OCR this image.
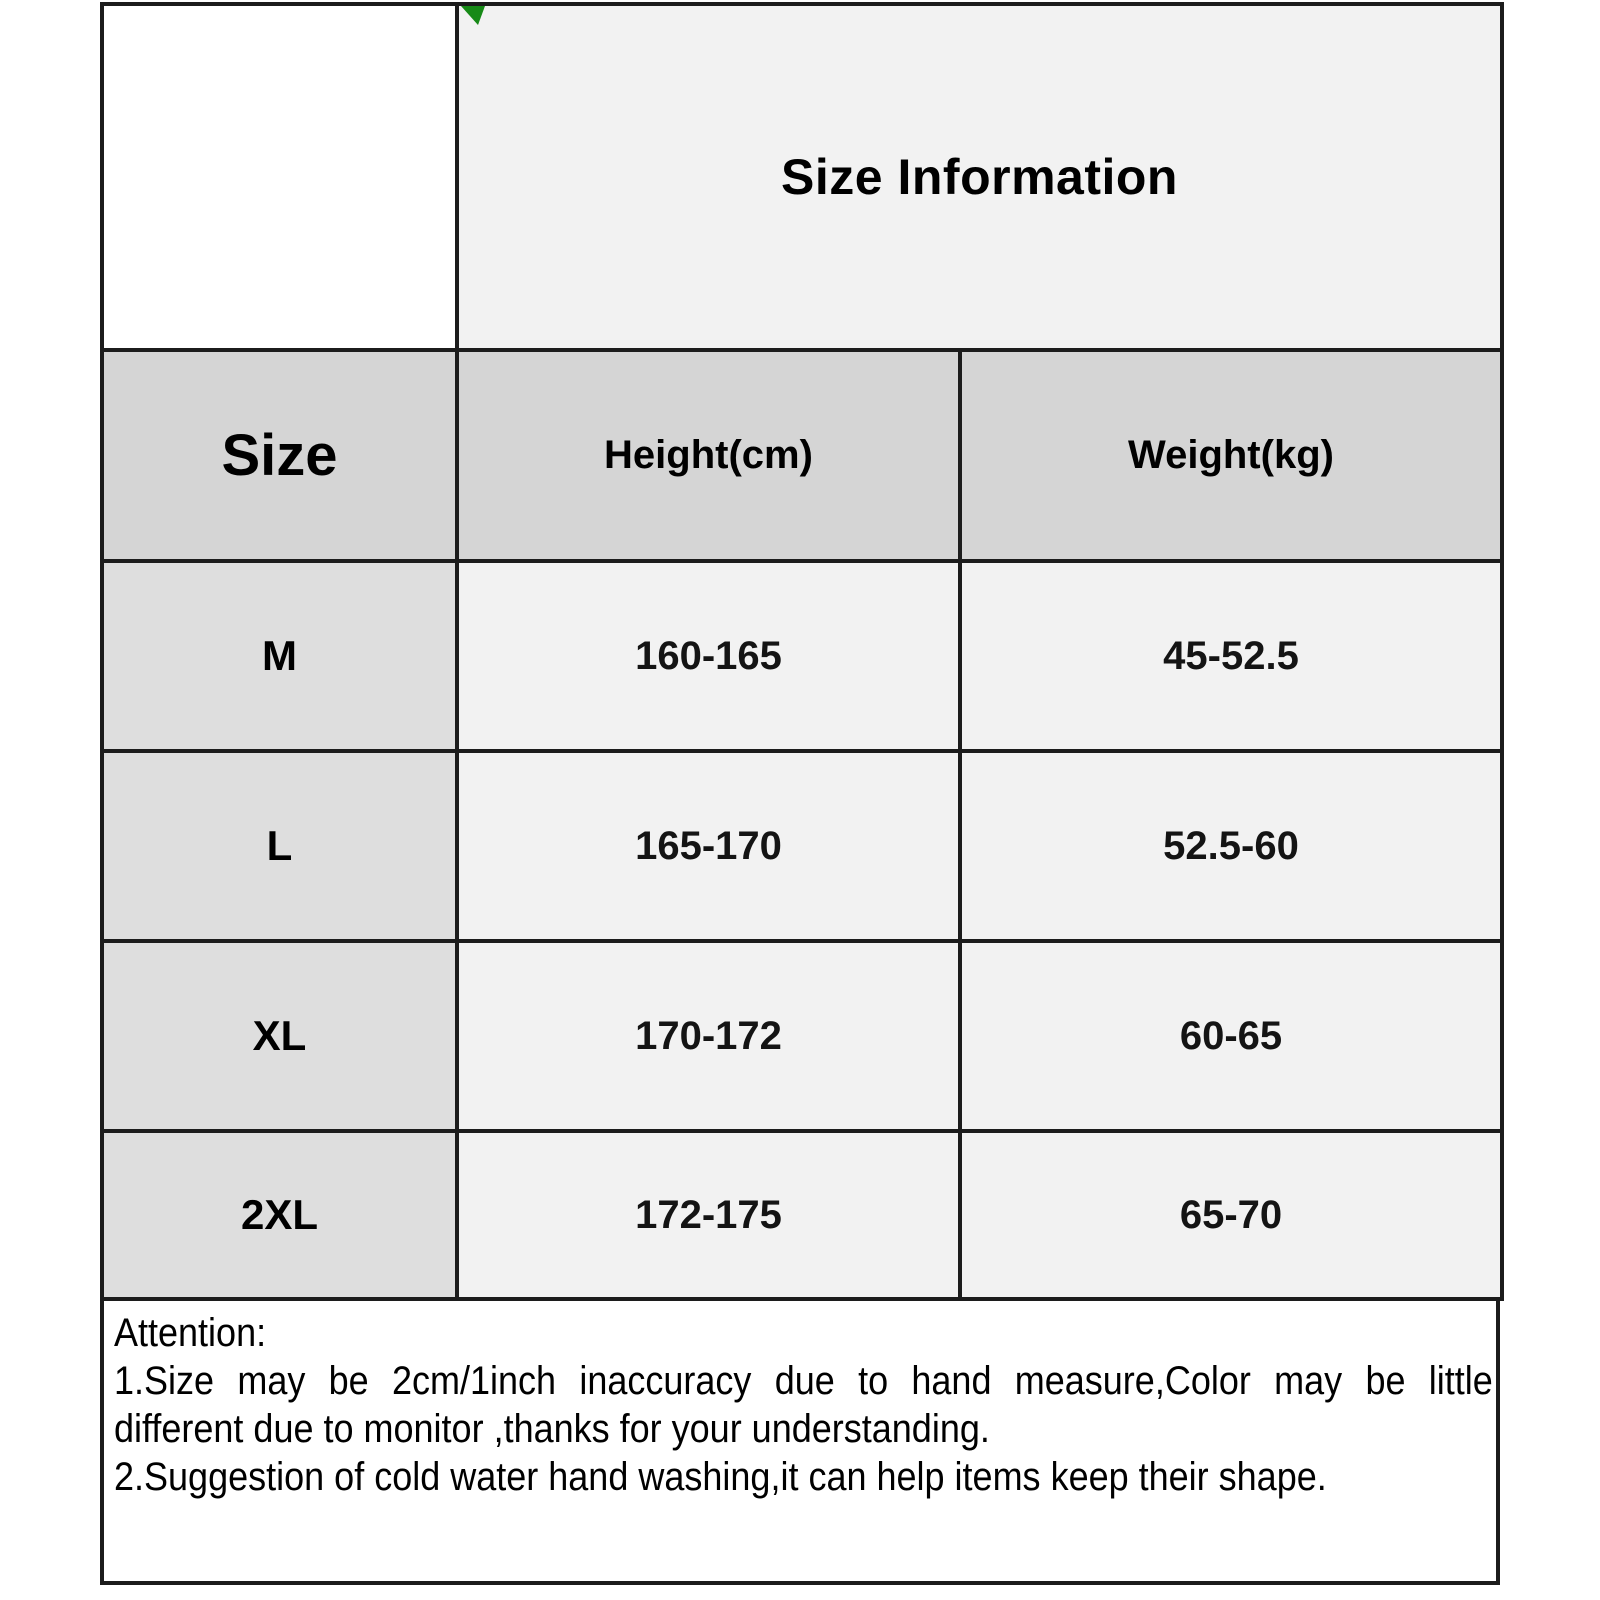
	Size Information	

Size	Height(cm)	Weight(kg)
M	160-165	45-52.5
L	165-170	52.5-60
XL	170-172	60-65
2XL	172-175	65-70
Attention:
1.Size may be 2cm/1inch inaccuracy due to hand measure,Color may be little
different due to monitor ,thanks for your understanding.
2.Suggestion of cold water hand washing,it can help items keep their shape.
